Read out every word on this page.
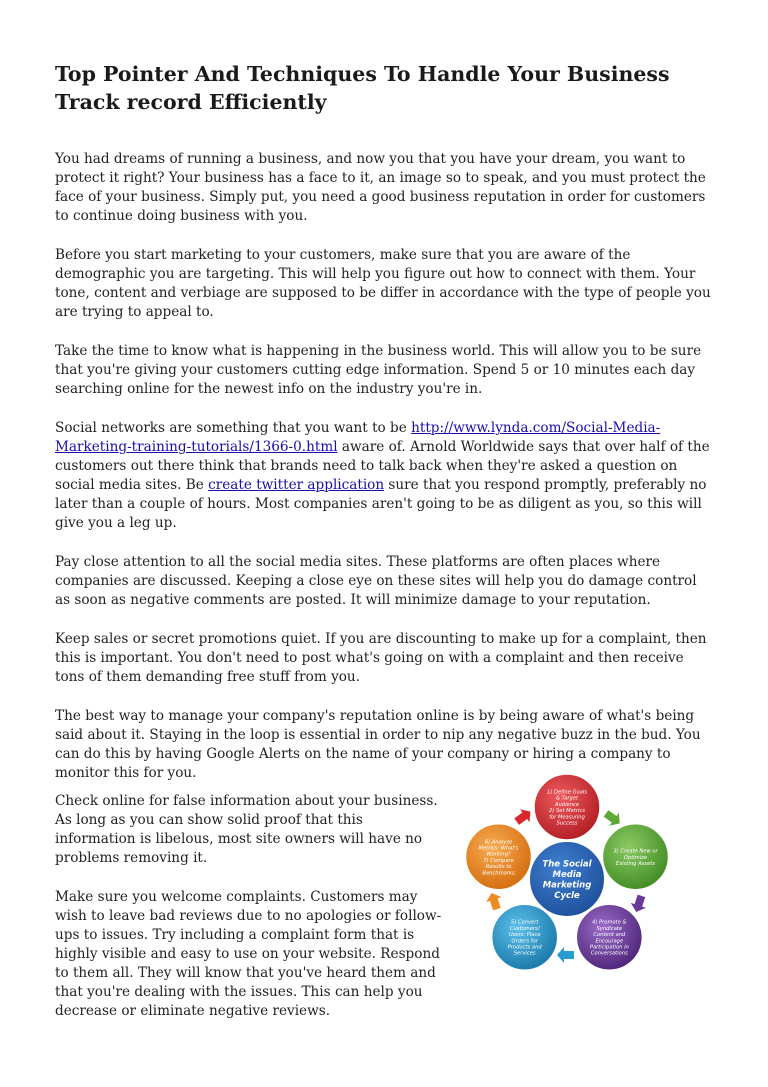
Top Pointer And Techniques To Handle Your Business Track record Efficiently

You had dreams of running a business, and now you that you have your dream, you want to protect it right? Your business has a face to it, an image so to speak, and you must protect the face of your business. Simply put, you need a good business reputation in order for customers to continue doing business with you.

Before you start marketing to your customers, make sure that you are aware of the demographic you are targeting. This will help you figure out how to connect with them. Your tone, content and verbiage are supposed to be differ in accordance with the type of people you are trying to appeal to.

Take the time to know what is happening in the business world. This will allow you to be sure that you're giving your customers cutting edge information. Spend 5 or 10 minutes each day searching online for the newest info on the industry you're in.

Social networks are something that you want to be http://www.lynda.com/Social-Media-Marketing-training-tutorials/1366-0.html aware of. Arnold Worldwide says that over half of the customers out there think that brands need to talk back when they're asked a question on social media sites. Be create twitter application sure that you respond promptly, preferably no later than a couple of hours. Most companies aren't going to be as diligent as you, so this will give you a leg up.

Pay close attention to all the social media sites. These platforms are often places where companies are discussed. Keeping a close eye on these sites will help you do damage control as soon as negative comments are posted. It will minimize damage to your reputation.

Keep sales or secret promotions quiet. If you are discounting to make up for a complaint, then this is important. You don't need to post what's going on with a complaint and then receive tons of them demanding free stuff from you.

The best way to manage your company's reputation online is by being aware of what's being said about it. Staying in the loop is essential in order to nip any negative buzz in the bud. You can do this by having Google Alerts on the name of your company or hiring a company to monitor this for you.

Check online for false information about your business. As long as you can show solid proof that this information is libelous, most site owners will have no problems removing it.

Make sure you welcome complaints. Customers may wish to leave bad reviews due to no apologies or follow-ups to issues. Try including a complaint form that is highly visible and easy to use on your website. Respond to them all. They will know that you've heard them and that you're dealing with the issues. This can help you decrease or eliminate negative reviews.

1) Define Goals
& Target
Audience
2) Set Metrics
for Measuring
Success
3) Create New or
Optimize
Existing Assets
4) Promote &
Syndicate
Content and
Encourage
Participation in
Conversations
5) Convert
Customers/
Users: Place
Orders for
Products and
Services
6) Analyze
Metrics: What's
Working?
7) Compare
Results to
Benchmarks
The Social
Media
Marketing
Cycle
